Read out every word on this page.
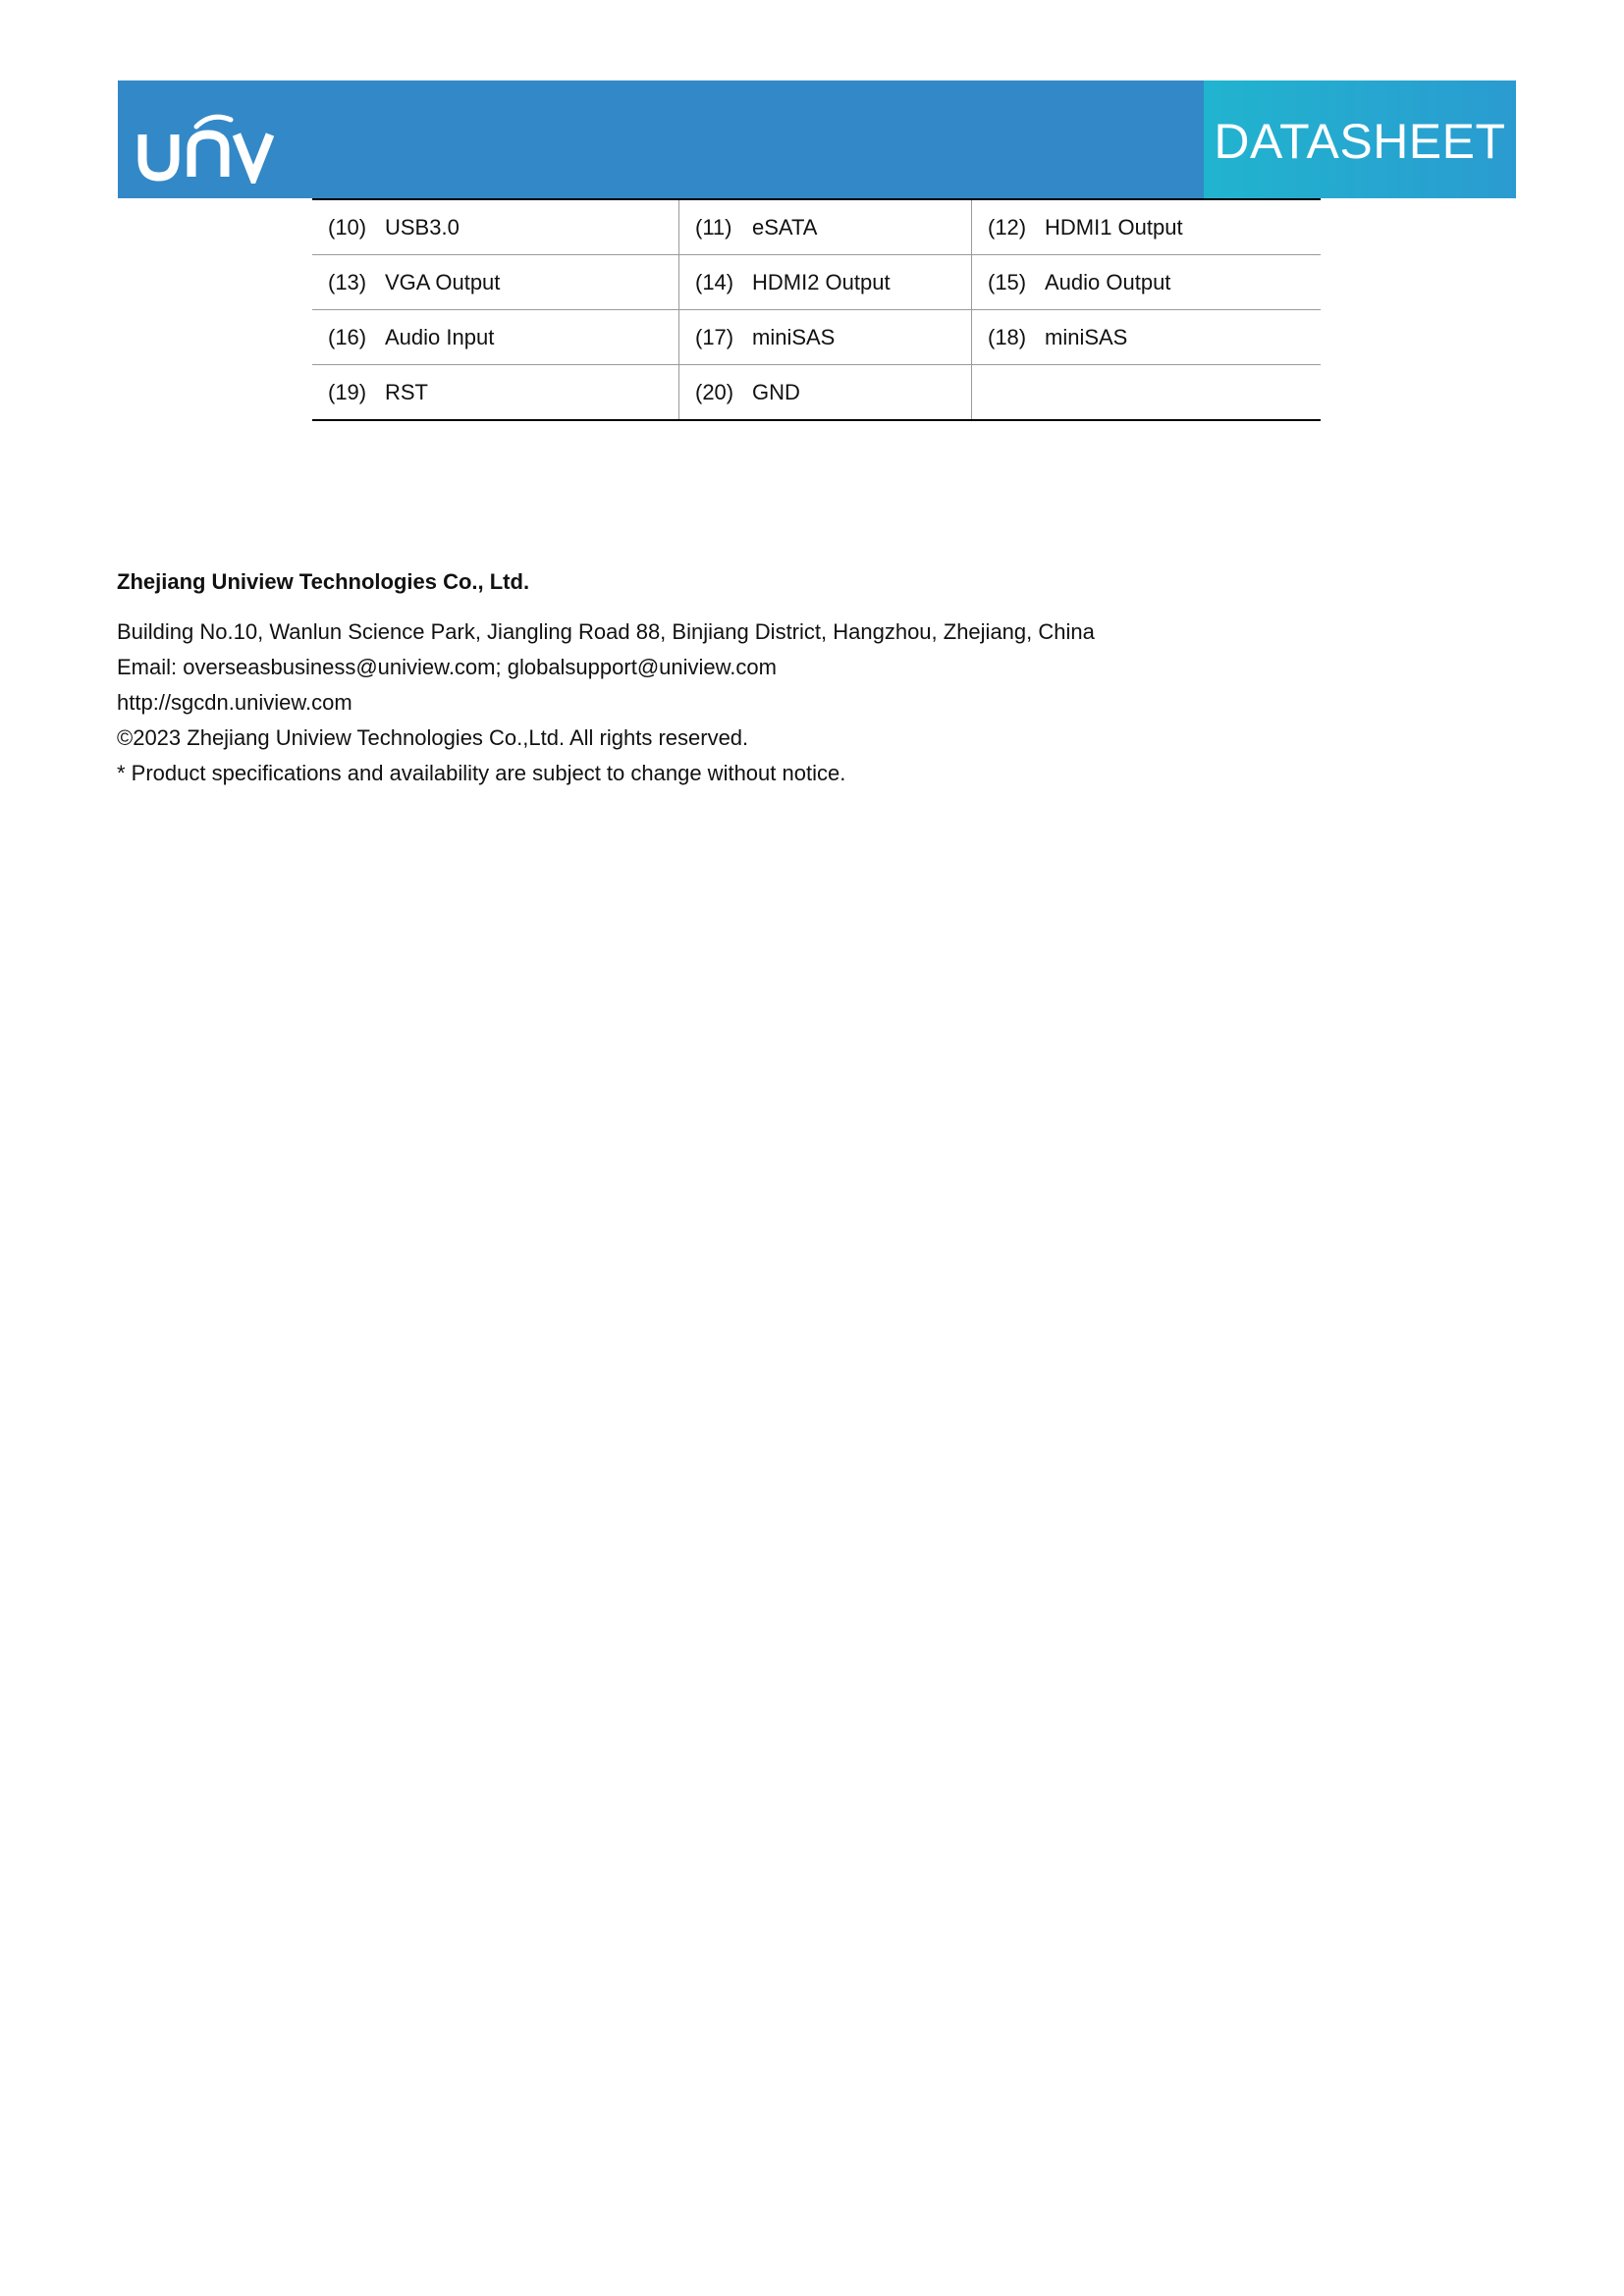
DATASHEET
(10) USB3.0	(11) eSATA	(12) HDMI1 Output
(13) VGA Output	(14) HDMI2 Output	(15) Audio Output
(16) Audio Input	(17) miniSAS	(18) miniSAS
(19) RST	(20) GND	

Zhejiang Uniview Technologies Co., Ltd.

Building No.10, Wanlun Science Park, Jiangling Road 88, Binjiang District, Hangzhou, Zhejiang, China

Email: overseasbusiness@uniview.com; globalsupport@uniview.com

http://sgcdn.uniview.com

©2023 Zhejiang Uniview Technologies Co.,Ltd. All rights reserved.

* Product specifications and availability are subject to change without notice.
